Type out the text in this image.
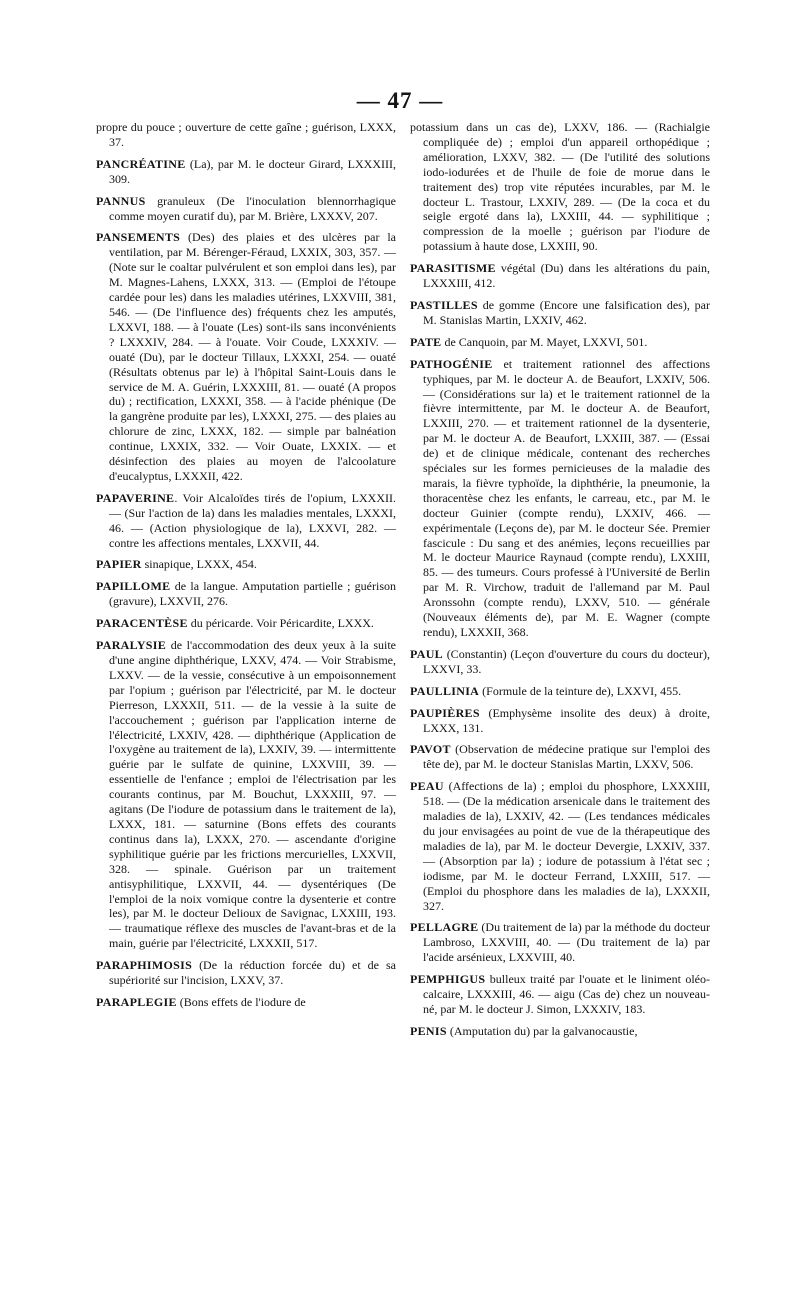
— 47 —

propre du pouce ; ouverture de cette gaîne ; guérison, LXXX, 37.

PANCRÉATINE (La), par M. le docteur Girard, LXXXIII, 309.

PANNUS granuleux (De l'inoculation blennorrhagique comme moyen curatif du), par M. Brière, LXXXV, 207.

PANSEMENTS (Des) des plaies et des ulcères par la ventilation, par M. Bérenger-Féraud, LXXIX, 303, 357. — (Note sur le coaltar pulvérulent et son emploi dans les), par M. Magnes-Lahens, LXXX, 313. — (Emploi de l'étoupe cardée pour les) dans les maladies utérines, LXXVIII, 381, 546. — (De l'influence des) fréquents chez les amputés, LXXVI, 188. — à l'ouate (Les) sont-ils sans inconvénients ? LXXXIV, 284. — à l'ouate. Voir Coude, LXXXIV. — ouaté (Du), par le docteur Tillaux, LXXXI, 254. — ouaté (Résultats obtenus par le) à l'hôpital Saint-Louis dans le service de M. A. Guérin, LXXXIII, 81. — ouaté (A propos du) ; rectification, LXXXI, 358. — à l'acide phénique (De la gangrène produite par les), LXXXI, 275. — des plaies au chlorure de zinc, LXXX, 182. — simple par balnéation continue, LXXIX, 332. — Voir Ouate, LXXIX. — et désinfection des plaies au moyen de l'alcoolature d'eucalyptus, LXXXII, 422.

PAPAVERINE. Voir Alcaloïdes tirés de l'opium, LXXXII. — (Sur l'action de la) dans les maladies mentales, LXXXI, 46. — (Action physiologique de la), LXXVI, 282. — contre les affections mentales, LXXVII, 44.

PAPIER sinapique, LXXX, 454.

PAPILLOME de la langue. Amputation partielle ; guérison (gravure), LXXVII, 276.

PARACENTÈSE du péricarde. Voir Péricardite, LXXX.

PARALYSIE de l'accommodation des deux yeux à la suite d'une angine diphthérique, LXXV, 474. — Voir Strabisme, LXXV. — de la vessie, consécutive à un empoisonnement par l'opium ; guérison par l'électricité, par M. le docteur Pierreson, LXXXII, 511. — de la vessie à la suite de l'accouchement ; guérison par l'application interne de l'électricité, LXXIV, 428. — diphthérique (Application de l'oxygène au traitement de la), LXXIV, 39. — intermittente guérie par le sulfate de quinine, LXXVIII, 39. — essentielle de l'enfance ; emploi de l'électrisation par les courants continus, par M. Bouchut, LXXXIII, 97. — agitans (De l'iodure de potassium dans le traitement de la), LXXX, 181. — saturnine (Bons effets des courants continus dans la), LXXX, 270. — ascendante d'origine syphilitique guérie par les frictions mercurielles, LXXVII, 328. — spinale. Guérison par un traitement antisyphilitique, LXXVII, 44. — dysentériques (De l'emploi de la noix vomique contre la dysenterie et contre les), par M. le docteur Delioux de Savignac, LXXIII, 193. — traumatique réflexe des muscles de l'avant-bras et de la main, guérie par l'électricité, LXXXII, 517.

PARAPHIMOSIS (De la réduction forcée du) et de sa supériorité sur l'incision, LXXV, 37.

PARAPLEGIE (Bons effets de l'iodure de

potassium dans un cas de), LXXV, 186. — (Rachialgie compliquée de) ; emploi d'un appareil orthopédique ; amélioration, LXXV, 382. — (De l'utilité des solutions iodo-iodurées et de l'huile de foie de morue dans le traitement des) trop vite réputées incurables, par M. le docteur L. Trastour, LXXIV, 289. — (De la coca et du seigle ergoté dans la), LXXIII, 44. — syphilitique ; compression de la moelle ; guérison par l'iodure de potassium à haute dose, LXXIII, 90.

PARASITISME végétal (Du) dans les altérations du pain, LXXXIII, 412.

PASTILLES de gomme (Encore une falsification des), par M. Stanislas Martin, LXXIV, 462.

PATE de Canquoin, par M. Mayet, LXXVI, 501.

PATHOGÉNIE et traitement rationnel des affections typhiques, par M. le docteur A. de Beaufort, LXXIV, 506. — (Considérations sur la) et le traitement rationnel de la fièvre intermittente, par M. le docteur A. de Beaufort, LXXIII, 270. — et traitement rationnel de la dysenterie, par M. le docteur A. de Beaufort, LXXIII, 387. — (Essai de) et de clinique médicale, contenant des recherches spéciales sur les formes pernicieuses de la maladie des marais, la fièvre typhoïde, la diphthérie, la pneumonie, la thoracentèse chez les enfants, le carreau, etc., par M. le docteur Guinier (compte rendu), LXXIV, 466. — expérimentale (Leçons de), par M. le docteur Sée. Premier fascicule : Du sang et des anémies, leçons recueillies par M. le docteur Maurice Raynaud (compte rendu), LXXIII, 85. — des tumeurs. Cours professé à l'Université de Berlin par M. R. Virchow, traduit de l'allemand par M. Paul Aronssohn (compte rendu), LXXV, 510. — générale (Nouveaux éléments de), par M. E. Wagner (compte rendu), LXXXII, 368.

PAUL (Constantin) (Leçon d'ouverture du cours du docteur), LXXVI, 33.

PAULLINIA (Formule de la teinture de), LXXVI, 455.

PAUPIÈRES (Emphysème insolite des deux) à droite, LXXX, 131.

PAVOT (Observation de médecine pratique sur l'emploi des tête de), par M. le docteur Stanislas Martin, LXXV, 506.

PEAU (Affections de la) ; emploi du phosphore, LXXXIII, 518. — (De la médication arsenicale dans le traitement des maladies de la), LXXIV, 42. — (Les tendances médicales du jour envisagées au point de vue de la thérapeutique des maladies de la), par M. le docteur Devergie, LXXIV, 337. — (Absorption par la) ; iodure de potassium à l'état sec ; iodisme, par M. le docteur Ferrand, LXXIII, 517. — (Emploi du phosphore dans les maladies de la), LXXXII, 327.

PELLAGRE (Du traitement de la) par la méthode du docteur Lambroso, LXXVIII, 40. — (Du traitement de la) par l'acide arsénieux, LXXVIII, 40.

PEMPHIGUS bulleux traité par l'ouate et le liniment oléo-calcaire, LXXXIII, 46. — aigu (Cas de) chez un nouveau-né, par M. le docteur J. Simon, LXXXIV, 183.

PENIS (Amputation du) par la galvanocaustie,
